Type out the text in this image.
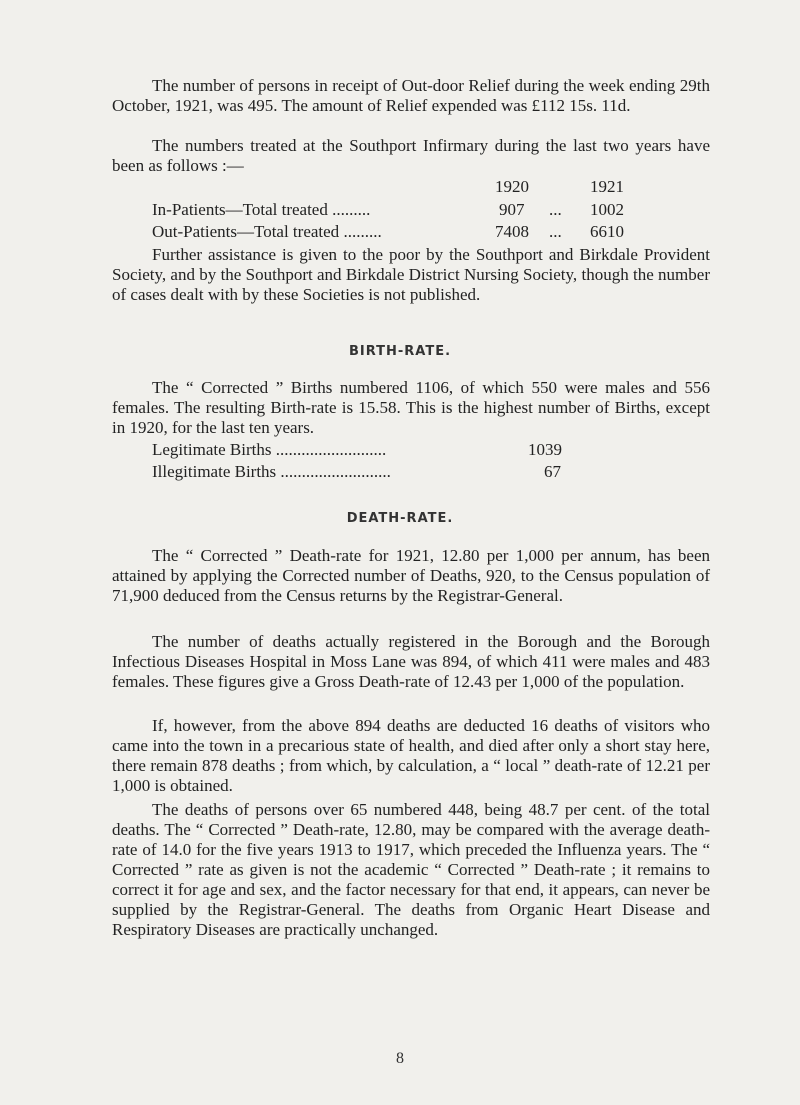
The number of persons in receipt of Out-door Relief during the week ending 29th October, 1921, was 495. The amount of Relief expended was £112 15s. 11d.

The numbers treated at the Southport Infirmary during the last two years have been as follows :—

1920	1921
In-Patients—Total treated .........	907 ... 1002
Out-Patients—Total treated .........	7408 ... 6610

Further assistance is given to the poor by the Southport and Birkdale Provident Society, and by the Southport and Birkdale District Nursing Society, though the number of cases dealt with by these Societies is not published.

BIRTH-RATE.

The “ Corrected ” Births numbered 1106, of which 550 were males and 556 females. The resulting Birth-rate is 15.58. This is the highest number of Births, except in 1920, for the last ten years.

Legitimate Births ..........................	1039
Illegitimate Births ..........................	67
DEATH-RATE.

The “ Corrected ” Death-rate for 1921, 12.80 per 1,000 per annum, has been attained by applying the Corrected number of Deaths, 920, to the Census population of 71,900 deduced from the Census returns by the Registrar-General.

The number of deaths actually registered in the Borough and the Borough Infectious Diseases Hospital in Moss Lane was 894, of which 411 were males and 483 females. These figures give a Gross Death-rate of 12.43 per 1,000 of the population.

If, however, from the above 894 deaths are deducted 16 deaths of visitors who came into the town in a precarious state of health, and died after only a short stay here, there remain 878 deaths ; from which, by calculation, a “ local ” death-rate of 12.21 per 1,000 is obtained.

The deaths of persons over 65 numbered 448, being 48.7 per cent. of the total deaths. The “ Corrected ” Death-rate, 12.80, may be compared with the average death-rate of 14.0 for the five years 1913 to 1917, which preceded the Influenza years. The “ Corrected ” rate as given is not the academic “ Corrected ” Death-rate ; it remains to correct it for age and sex, and the factor necessary for that end, it appears, can never be supplied by the Registrar-General. The deaths from Organic Heart Disease and Respiratory Diseases are practically unchanged.

8
